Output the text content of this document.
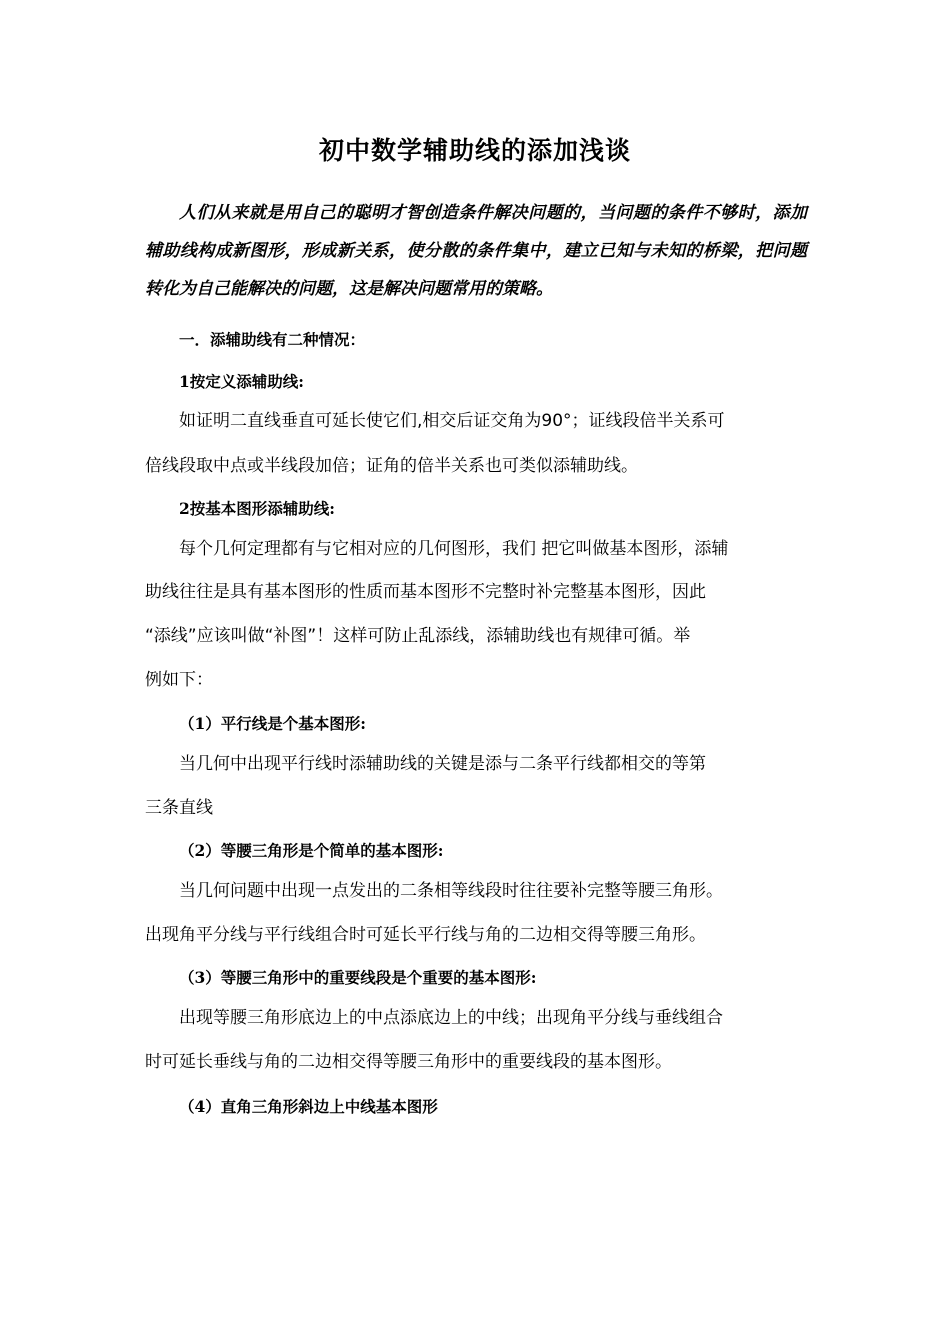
初中数学辅助线的添加浅谈

人们从来就是用自己的聪明才智创造条件解决问题的，当问题的条件不够时，添加辅助线构成新图形，形成新关系，使分散的条件集中，建立已知与未知的桥梁，把问题转化为自己能解决的问题，这是解决问题常用的策略。

一．添辅助线有二种情况：

1按定义添辅助线:

如证明二直线垂直可延长使它们,相交后证交角为90°；证线段倍半关系可

倍线段取中点或半线段加倍；证角的倍半关系也可类似添辅助线。

2按基本图形添辅助线:

每个几何定理都有与它相对应的几何图形，我们 把它叫做基本图形，添辅

助线往往是具有基本图形的性质而基本图形不完整时补完整基本图形，因此

“添线”应该叫做“补图”！这样可防止乱添线，添辅助线也有规律可循。举

例如下：

（1）平行线是个基本图形:

当几何中出现平行线时添辅助线的关键是添与二条平行线都相交的等第

三条直线

（2）等腰三角形是个简单的基本图形:

当几何问题中出现一点发出的二条相等线段时往往要补完整等腰三角形。

出现角平分线与平行线组合时可延长平行线与角的二边相交得等腰三角形。

（3）等腰三角形中的重要线段是个重要的基本图形:

出现等腰三角形底边上的中点添底边上的中线；出现角平分线与垂线组合

时可延长垂线与角的二边相交得等腰三角形中的重要线段的基本图形。

（4）直角三角形斜边上中线基本图形
